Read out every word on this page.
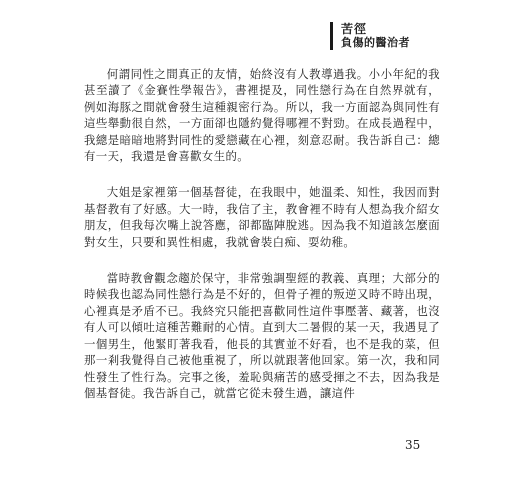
苦徑
負傷的醫治者

何謂同性之間真正的友情，始終沒有人教導過我。小小年紀的我甚至讀了《金賽性學報告》，書裡提及，同性戀行為在自然界就有，例如海豚之間就會發生這種親密行為。所以，我一方面認為與同性有這些舉動很自然，一方面卻也隱約覺得哪裡不對勁。在成長過程中，我總是暗暗地將對同性的愛戀藏在心裡，刻意忍耐。我告訴自己：總有一天，我還是會喜歡女生的。

大姐是家裡第一個基督徒，在我眼中，她溫柔、知性，我因而對基督教有了好感。大一時，我信了主，教會裡不時有人想為我介紹女朋友，但我每次嘴上說答應，卻都臨陣脫逃。因為我不知道該怎麼面對女生，只要和異性相處，我就會裝白痴、耍幼稚。

當時教會觀念趨於保守，非常強調聖經的教義、真理；大部分的時候我也認為同性戀行為是不好的，但骨子裡的叛逆又時不時出現，心裡真是矛盾不已。我終究只能把喜歡同性這件事壓著、藏著，也沒有人可以傾吐這種苦難耐的心情。直到大二暑假的某一天，我遇見了一個男生，他緊盯著我看，他長的其實並不好看，也不是我的菜，但那一剎我覺得自己被他重視了，所以就跟著他回家。第一次，我和同性發生了性行為。完事之後，羞恥與痛苦的感受揮之不去，因為我是個基督徒。我告訴自己，就當它從未發生過，讓這件

35
